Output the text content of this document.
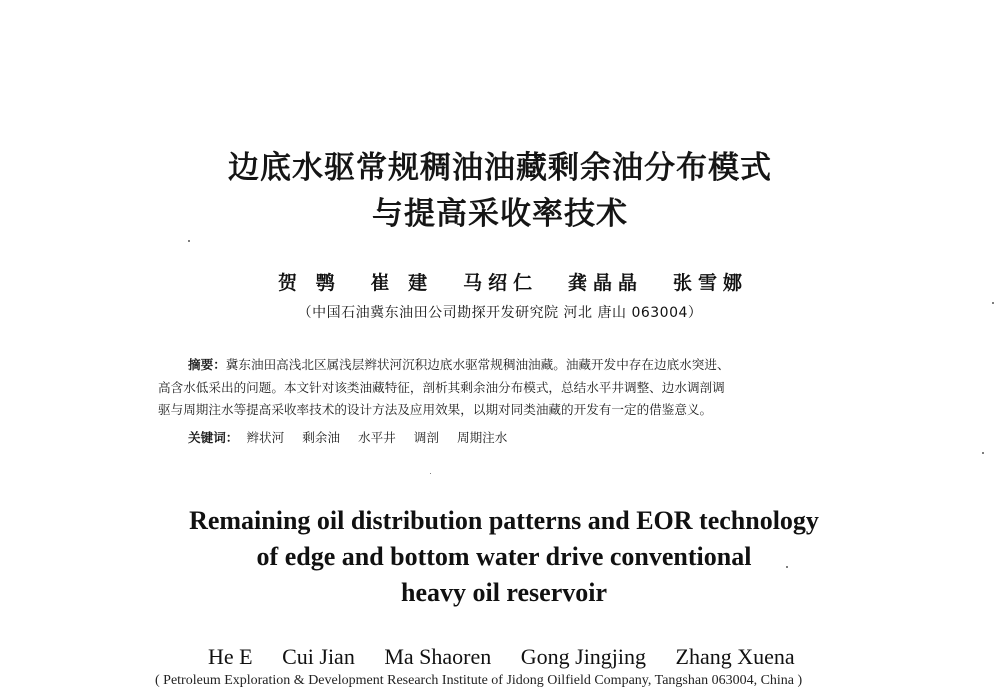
边底水驱常规稠油油藏剩余油分布模式
与提高采收率技术
贺 鹗 崔 建 马绍仁 龚晶晶 张雪娜
（中国石油冀东油田公司勘探开发研究院 河北 唐山 063004）
摘要：冀东油田高浅北区属浅层辫状河沉积边底水驱常规稠油油藏。油藏开发中存在边底水突进、
高含水低采出的问题。本文针对该类油藏特征，剖析其剩余油分布模式，总结水平井调整、边水调剖调
驱与周期注水等提高采收率技术的设计方法及应用效果，以期对同类油藏的开发有一定的借鉴意义。
关键词： 辫状河 剩余油 水平井 调剖 周期注水
Remaining oil distribution patterns and EOR technology
of edge and bottom water drive conventional
heavy oil reservoir
He E Cui Jian Ma Shaoren Gong Jingjing Zhang Xuena
( Petroleum Exploration & Development Research Institute of Jidong Oilfield Company, Tangshan 063004, China )
